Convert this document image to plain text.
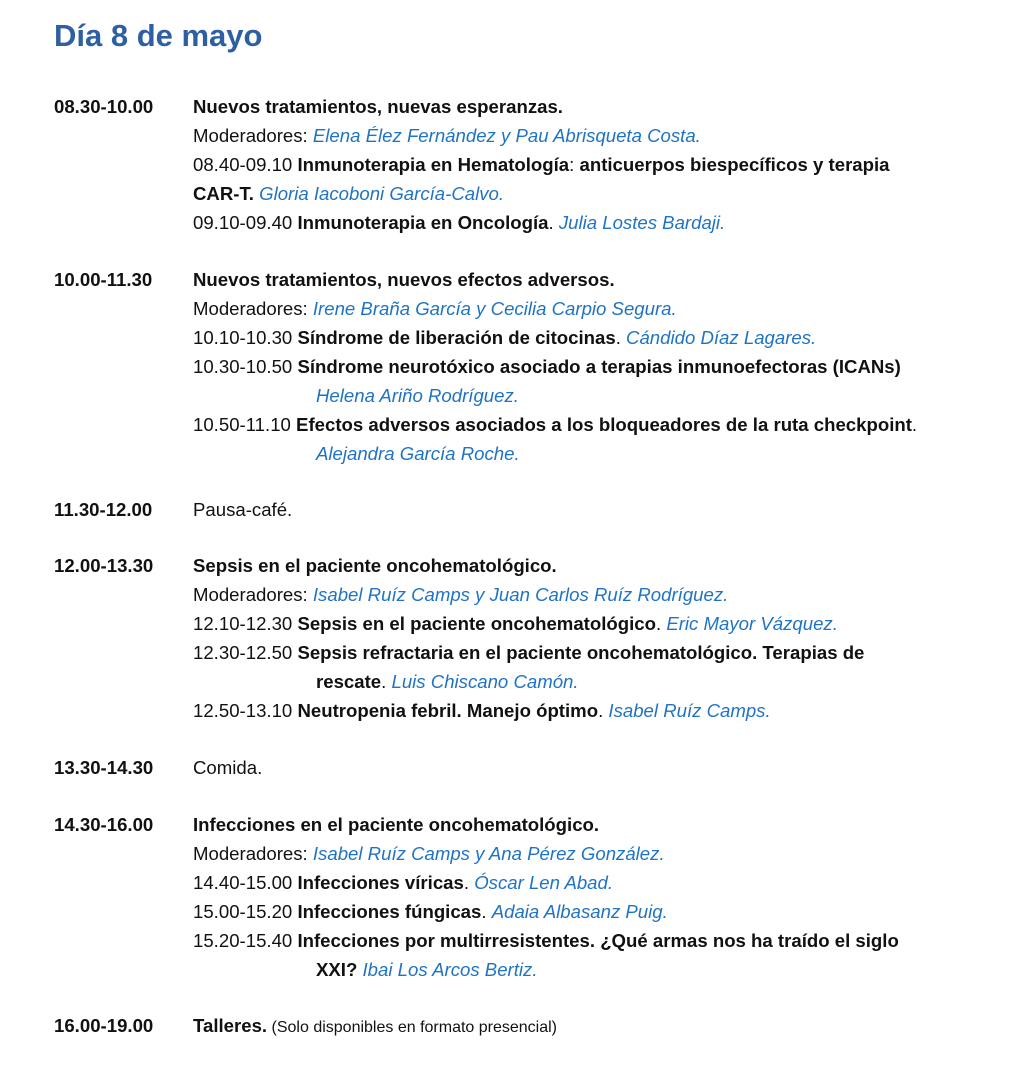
Día 8 de mayo
08.30-10.00 Nuevos tratamientos, nuevas esperanzas.
Moderadores: Elena Élez Fernández y Pau Abrisqueta Costa.
08.40-09.10 Inmunoterapia en Hematología: anticuerpos biespecíficos y terapia
CAR-T. Gloria Iacoboni García-Calvo.
09.10-09.40 Inmunoterapia en Oncología. Julia Lostes Bardaji.
10.00-11.30 Nuevos tratamientos, nuevos efectos adversos.
Moderadores: Irene Braña García y Cecilia Carpio Segura.
10.10-10.30 Síndrome de liberación de citocinas. Cándido Díaz Lagares.
10.30-10.50 Síndrome neurotóxico asociado a terapias inmunoefectoras (ICANs)
Helena Ariño Rodríguez.
10.50-11.10 Efectos adversos asociados a los bloqueadores de la ruta checkpoint.
Alejandra García Roche.
11.30-12.00 Pausa-café.
12.00-13.30 Sepsis en el paciente oncohematológico.
Moderadores: Isabel Ruíz Camps y Juan Carlos Ruíz Rodríguez.
12.10-12.30 Sepsis en el paciente oncohematológico. Eric Mayor Vázquez.
12.30-12.50 Sepsis refractaria en el paciente oncohematológico. Terapias de
rescate. Luis Chiscano Camón.
12.50-13.10 Neutropenia febril. Manejo óptimo. Isabel Ruíz Camps.
13.30-14.30 Comida.
14.30-16.00 Infecciones en el paciente oncohematológico.
Moderadores: Isabel Ruíz Camps y Ana Pérez González.
14.40-15.00 Infecciones víricas. Óscar Len Abad.
15.00-15.20 Infecciones fúngicas. Adaia Albasanz Puig.
15.20-15.40 Infecciones por multirresistentes. ¿Qué armas nos ha traído el siglo
XXI? Ibai Los Arcos Bertiz.
16.00-19.00 Talleres. (Solo disponibles en formato presencial)
